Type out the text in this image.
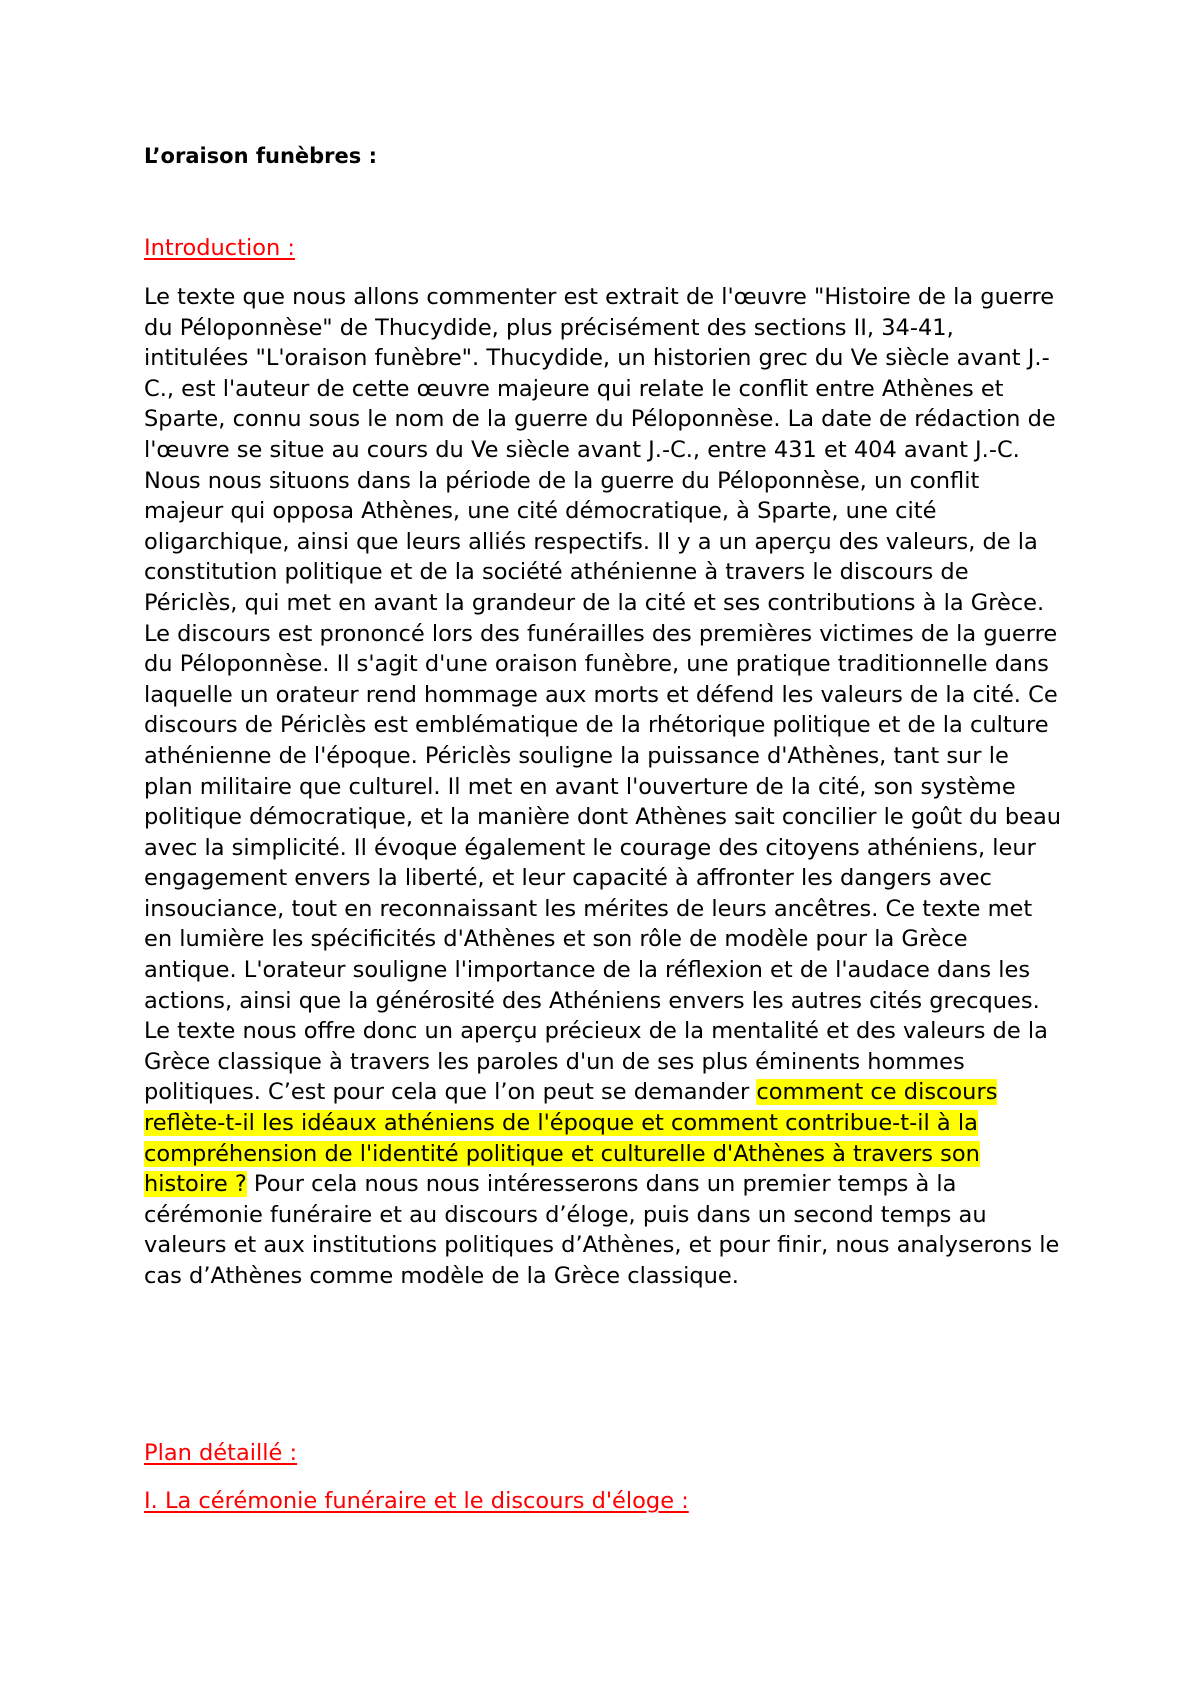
L’oraison funèbres :
Introduction :

Le texte que nous allons commenter est extrait de l'œuvre "Histoire de la guerre du Péloponnèse" de Thucydide, plus précisément des sections II, 34-41, intitulées "L'oraison funèbre". Thucydide, un historien grec du Ve siècle avant J.-C., est l'auteur de cette œuvre majeure qui relate le conflit entre Athènes et Sparte, connu sous le nom de la guerre du Péloponnèse. La date de rédaction de l'œuvre se situe au cours du Ve siècle avant J.-C., entre 431 et 404 avant J.-C. Nous nous situons dans la période de la guerre du Péloponnèse, un conflit majeur qui opposa Athènes, une cité démocratique, à Sparte, une cité oligarchique, ainsi que leurs alliés respectifs. Il y a un aperçu des valeurs, de la constitution politique et de la société athénienne à travers le discours de Périclès, qui met en avant la grandeur de la cité et ses contributions à la Grèce. Le discours est prononcé lors des funérailles des premières victimes de la guerre du Péloponnèse. Il s'agit d'une oraison funèbre, une pratique traditionnelle dans laquelle un orateur rend hommage aux morts et défend les valeurs de la cité. Ce discours de Périclès est emblématique de la rhétorique politique et de la culture athénienne de l'époque. Périclès souligne la puissance d'Athènes, tant sur le plan militaire que culturel. Il met en avant l'ouverture de la cité, son système politique démocratique, et la manière dont Athènes sait concilier le goût du beau avec la simplicité. Il évoque également le courage des citoyens athéniens, leur engagement envers la liberté, et leur capacité à affronter les dangers avec insouciance, tout en reconnaissant les mérites de leurs ancêtres. Ce texte met en lumière les spécificités d'Athènes et son rôle de modèle pour la Grèce antique. L'orateur souligne l'importance de la réflexion et de l'audace dans les actions, ainsi que la générosité des Athéniens envers les autres cités grecques. Le texte nous offre donc un aperçu précieux de la mentalité et des valeurs de la Grèce classique à travers les paroles d'un de ses plus éminents hommes politiques. C’est pour cela que l’on peut se demander comment ce discours reflète-t-il les idéaux athéniens de l'époque et comment contribue-t-il à la compréhension de l'identité politique et culturelle d'Athènes à travers son histoire ? Pour cela nous nous intéresserons dans un premier temps à la cérémonie funéraire et au discours d’éloge, puis dans un second temps au valeurs et aux institutions politiques d’Athènes, et pour finir, nous analyserons le cas d’Athènes comme modèle de la Grèce classique.

Plan détaillé :
I. La cérémonie funéraire et le discours d'éloge :
